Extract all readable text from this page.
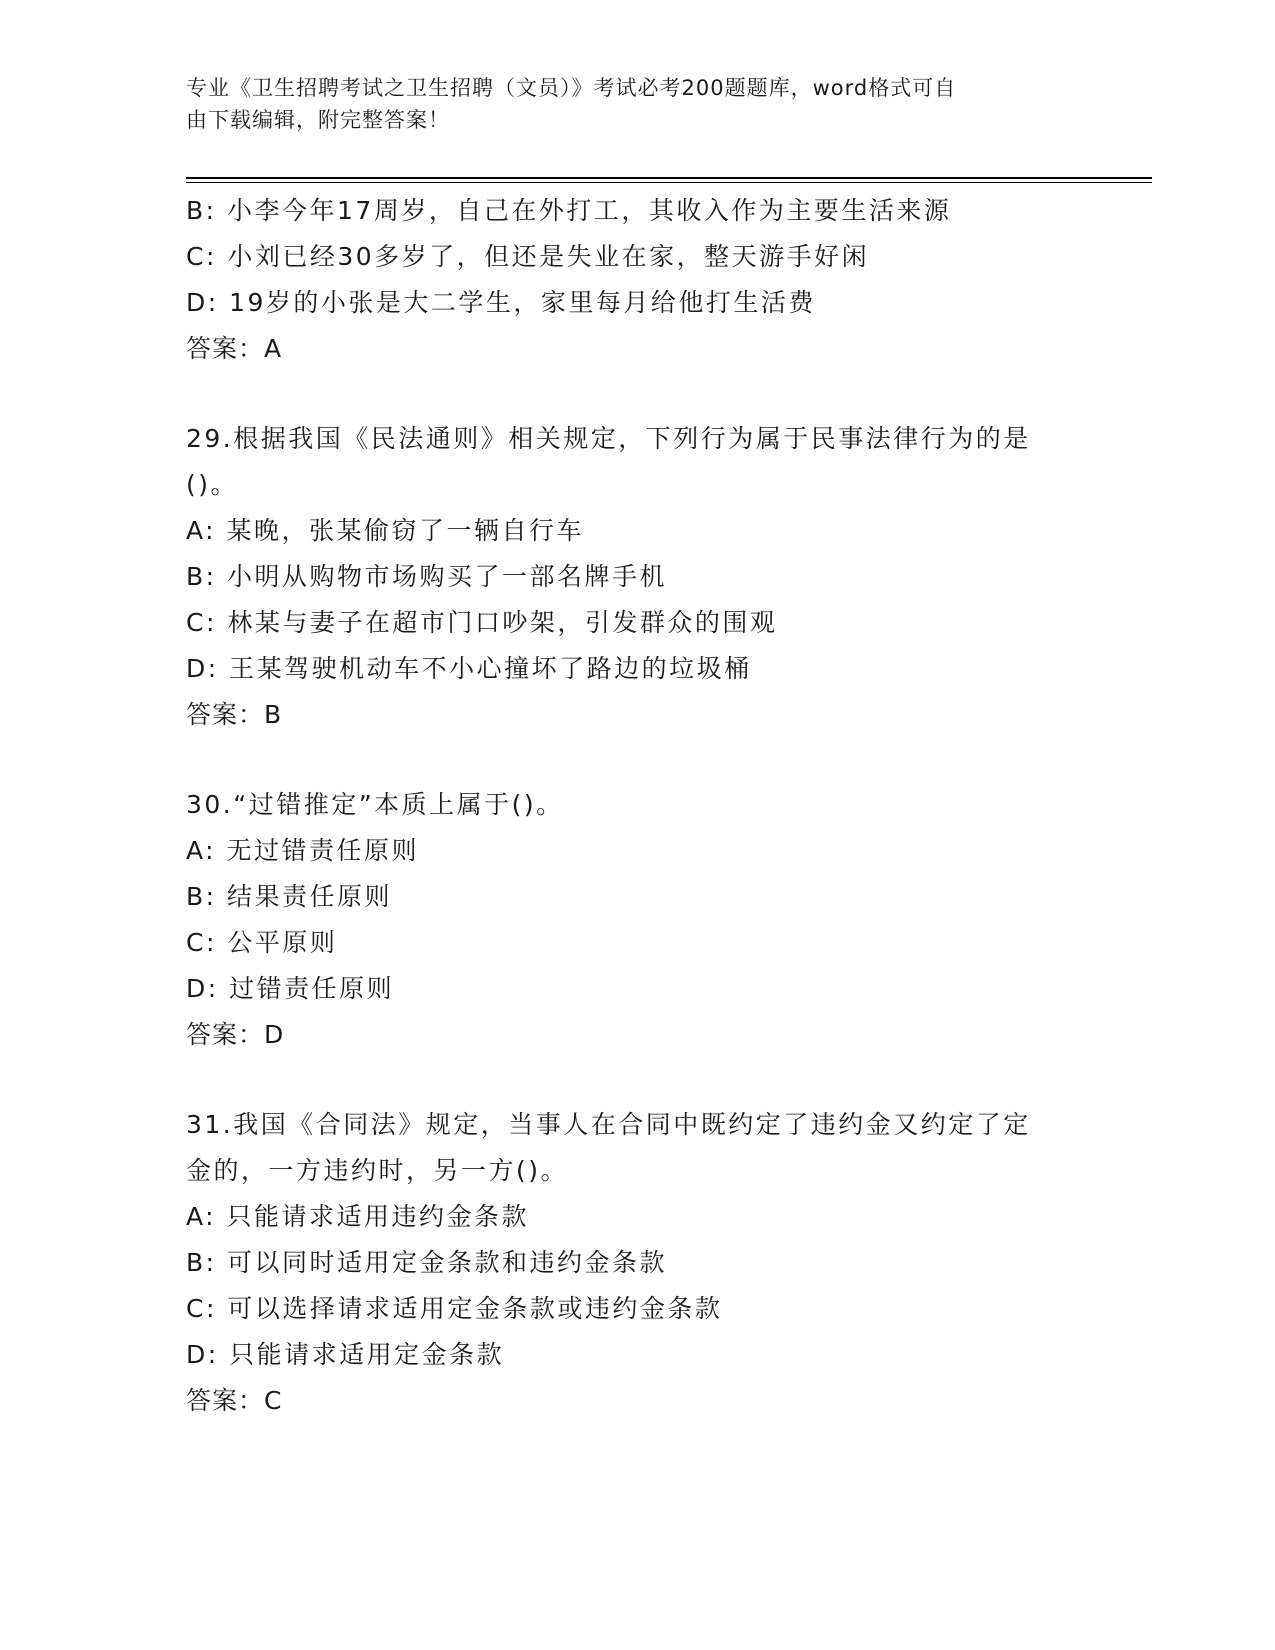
专业《卫生招聘考试之卫生招聘（文员）》考试必考200题题库，word格式可自
由下载编辑，附完整答案！
B: 小李今年17周岁，自己在外打工，其收入作为主要生活来源
C: 小刘已经30多岁了，但还是失业在家，整天游手好闲
D: 19岁的小张是大二学生，家里每月给他打生活费
答案：A
29.根据我国《民法通则》相关规定，下列行为属于民事法律行为的是
()。
A: 某晚，张某偷窃了一辆自行车
B: 小明从购物市场购买了一部名牌手机
C: 林某与妻子在超市门口吵架，引发群众的围观
D: 王某驾驶机动车不小心撞坏了路边的垃圾桶
答案：B
30.“过错推定”本质上属于()。
A: 无过错责任原则
B: 结果责任原则
C: 公平原则
D: 过错责任原则
答案：D
31.我国《合同法》规定，当事人在合同中既约定了违约金又约定了定
金的，一方违约时，另一方()。
A: 只能请求适用违约金条款
B: 可以同时适用定金条款和违约金条款
C: 可以选择请求适用定金条款或违约金条款
D: 只能请求适用定金条款
答案：C
